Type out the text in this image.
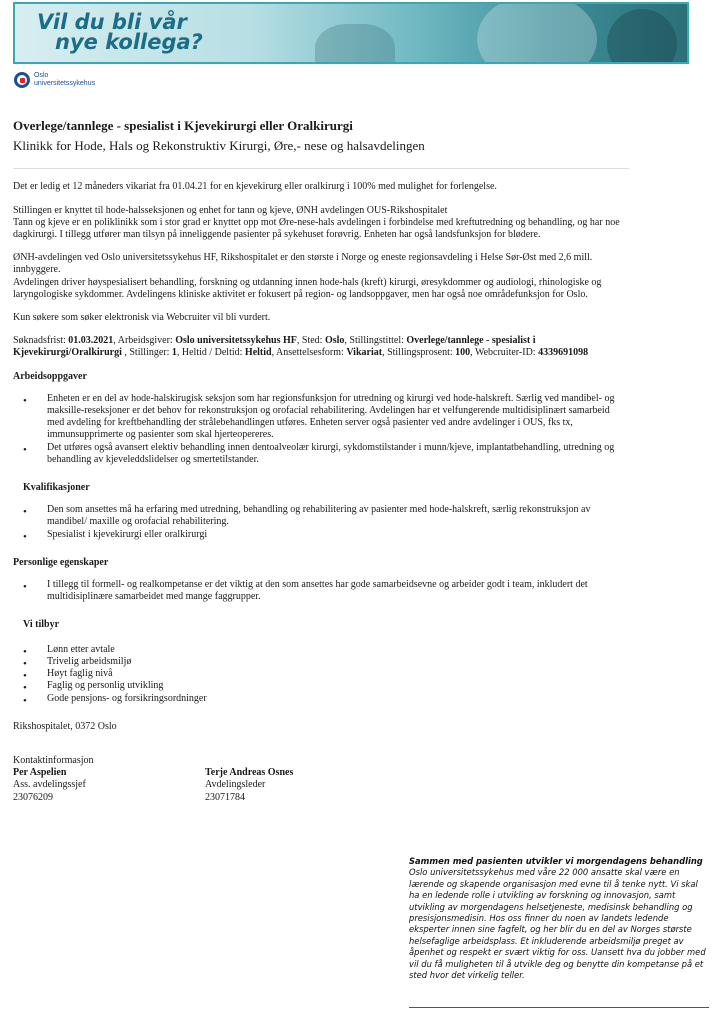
Vil du bli vår
nye kollega?
Oslo
universitetssykehus
Overlege/tannlege - spesialist i Kjevekirurgi eller Oralkirurgi
Klinikk for Hode, Hals og Rekonstruktiv Kirurgi, Øre,- nese og halsavdelingen

Det er ledig et 12 måneders vikariat fra 01.04.21 for en kjevekirurg eller oralkirurg i 100% med mulighet for forlengelse.

Stillingen er knyttet til hode-halsseksjonen og enhet for tann og kjeve, ØNH avdelingen OUS-Rikshospitalet
Tann og kjeve er en poliklinikk som i stor grad er knyttet opp mot Øre-nese-hals avdelingen i forbindelse med kreftutredning og behandling, og har noe dagkirurgi. I tillegg utfører man tilsyn på inneliggende pasienter på sykehuset forøvrig. Enheten har også landsfunksjon for blødere.

ØNH-avdelingen ved Oslo universitetssykehus HF, Rikshospitalet er den største i Norge og eneste regionsavdeling i Helse Sør-Øst med 2,6 mill. innbyggere.
Avdelingen driver høyspesialisert behandling, forskning og utdanning innen hode-hals (kreft) kirurgi, øresykdommer og audiologi, rhinologiske og laryngologiske sykdommer. Avdelingens kliniske aktivitet er fokusert på region- og landsoppgaver, men har også noe områdefunksjon for Oslo.

Kun søkere som søker elektronisk via Webcruiter vil bli vurdert.

Søknadsfrist: 01.03.2021, Arbeidsgiver: Oslo universitetssykehus HF, Sted: Oslo, Stillingstittel: Overlege/tannlege - spesialist i Kjevekirurgi/Oralkirurgi , Stillinger: 1, Heltid / Deltid: Heltid, Ansettelsesform: Vikariat, Stillingsprosent: 100, Webcruiter-ID: 4339691098

Arbeidsoppgaver
• Enheten er en del av hode-halskirugisk seksjon som har regionsfunksjon for utredning og kirurgi ved hode-halskreft. Særlig ved mandibel- og maksille-reseksjoner er det behov for rekonstruksjon og orofacial rehabilitering. Avdelingen har et velfungerende multidisiplinært samarbeid med avdeling for kreftbehandling der strålebehandlingen utføres. Enheten server også pasienter ved andre avdelinger i OUS, fks tx, immunsupprimerte og pasienter som skal hjerteopereres.
• Det utføres også avansert elektiv behandling innen dentoalveolær kirurgi, sykdomstilstander i munn/kjeve, implantatbehandling, utredning og behandling av kjeveleddslidelser og smertetilstander.
Kvalifikasjoner
• Den som ansettes må ha erfaring med utredning, behandling og rehabilitering av pasienter med hode-halskreft, særlig rekonstruksjon av mandibel/ maxille og orofacial rehabilitering.
• Spesialist i kjevekirurgi eller oralkirurgi
Personlige egenskaper
• I tillegg til formell- og realkompetanse er det viktig at den som ansettes har gode samarbeidsevne og arbeider godt i team, inkludert det multidisiplinære samarbeidet med mange faggrupper.
Vi tilbyr
• Lønn etter avtale
• Trivelig arbeidsmiljø
• Høyt faglig nivå
• Faglig og personlig utvikling
• Gode pensjons- og forsikringsordninger

Rikshospitalet, 0372 Oslo

Kontaktinformasjon
Per Aspelien
Ass. avdelingssjef
23076209
Terje Andreas Osnes
Avdelingsleder
23071784
Sammen med pasienten utvikler vi morgendagens behandling
Oslo universitetssykehus med våre 22 000 ansatte skal være en lærende og skapende organisasjon med evne til å tenke nytt. Vi skal ha en ledende rolle i utvikling av forskning og innovasjon, samt utvikling av morgendagens helsetjeneste, medisinsk behandling og presisjonsmedisin. Hos oss finner du noen av landets ledende eksperter innen sine fagfelt, og her blir du en del av Norges største helsefaglige arbeidsplass. Et inkluderende arbeidsmiljø preget av åpenhet og respekt er svært viktig for oss. Uansett hva du jobber med vil du få muligheten til å utvikle deg og benytte din kompetanse på et sted hvor det virkelig teller.
